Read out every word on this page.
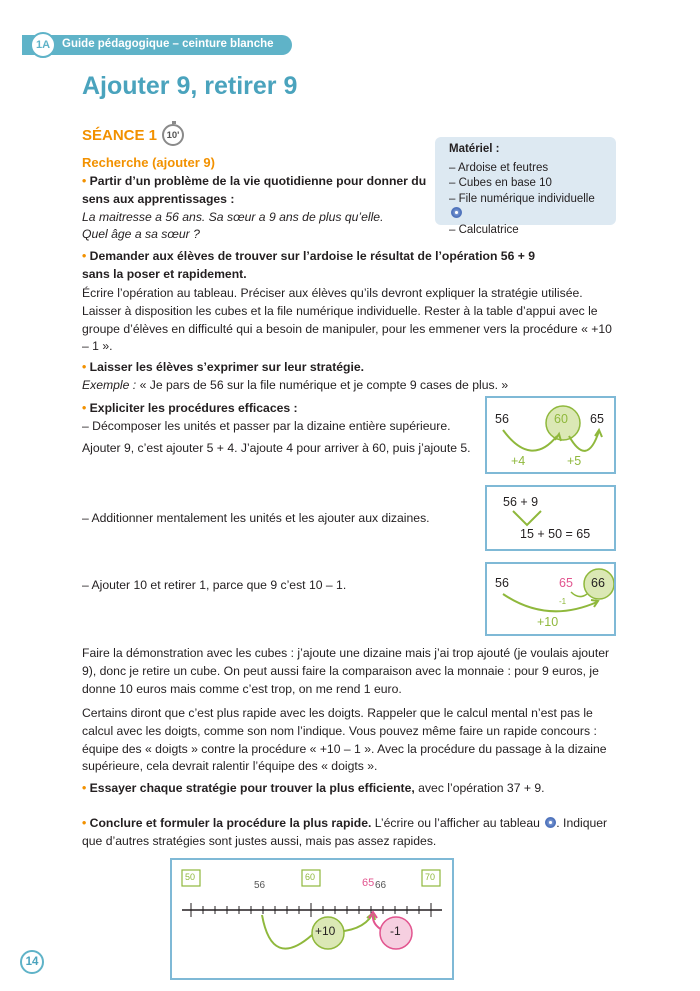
1A	Guide pédagogique – ceinture blanche
Ajouter 9, retirer 9
SÉANCE 1 10'
Recherche (ajouter 9)
Matériel :
– Ardoise et feutres
– Cubes en base 10
– File numérique individuelle
– Calculatrice
• Partir d’un problème de la vie quotidienne pour donner du sens aux apprentissages :
La maitresse a 56 ans. Sa sœur a 9 ans de plus qu’elle.
Quel âge a sa sœur ?
• Demander aux élèves de trouver sur l’ardoise le résultat de l’opération 56 + 9 sans la poser et rapidement.
Écrire l’opération au tableau. Préciser aux élèves qu’ils devront expliquer la stratégie utilisée. Laisser à disposition les cubes et la file numérique individuelle. Rester à la table d’appui avec le groupe d’élèves en difficulté qui a besoin de manipuler, pour les emmener vers la procédure « +10 – 1 ».
• Laisser les élèves s’exprimer sur leur stratégie.
Exemple : « Je pars de 56 sur la file numérique et je compte 9 cases de plus. »
• Expliciter les procédures efficaces :
– Décomposer les unités et passer par la dizaine entière supérieure.
Ajouter 9, c’est ajouter 5 + 4. J’ajoute 4 pour arriver à 60, puis j’ajoute 5.
– Additionner mentalement les unités et les ajouter aux dizaines.
– Ajouter 10 et retirer 1, parce que 9 c’est 10 – 1.
56	60 65
+4	+5
56 + 9
15 + 50 = 65
56	65 66
-1
+10
Faire la démonstration avec les cubes : j’ajoute une dizaine mais j’ai trop ajouté (je voulais ajouter 9), donc je retire un cube. On peut aussi faire la comparaison avec la monnaie : pour 9 euros, je donne 10 euros mais comme c’est trop, on me rend 1 euro.
Certains diront que c’est plus rapide avec les doigts. Rappeler que le calcul mental n’est pas le calcul avec les doigts, comme son nom l’indique. Vous pouvez même faire un rapide concours : équipe des « doigts » contre la procédure « +10 – 1 ». Avec la procédure du passage à la dizaine supérieure, cela devrait ralentir l’équipe des « doigts ».
• Essayer chaque stratégie pour trouver la plus efficiente, avec l’opération 37 + 9.
• Conclure et formuler la procédure la plus rapide. L’écrire ou l’afficher au tableau . Indiquer que d’autres stratégies sont justes aussi, mais pas assez rapides.
50	60	70
56	65 66
+10	-1
14
